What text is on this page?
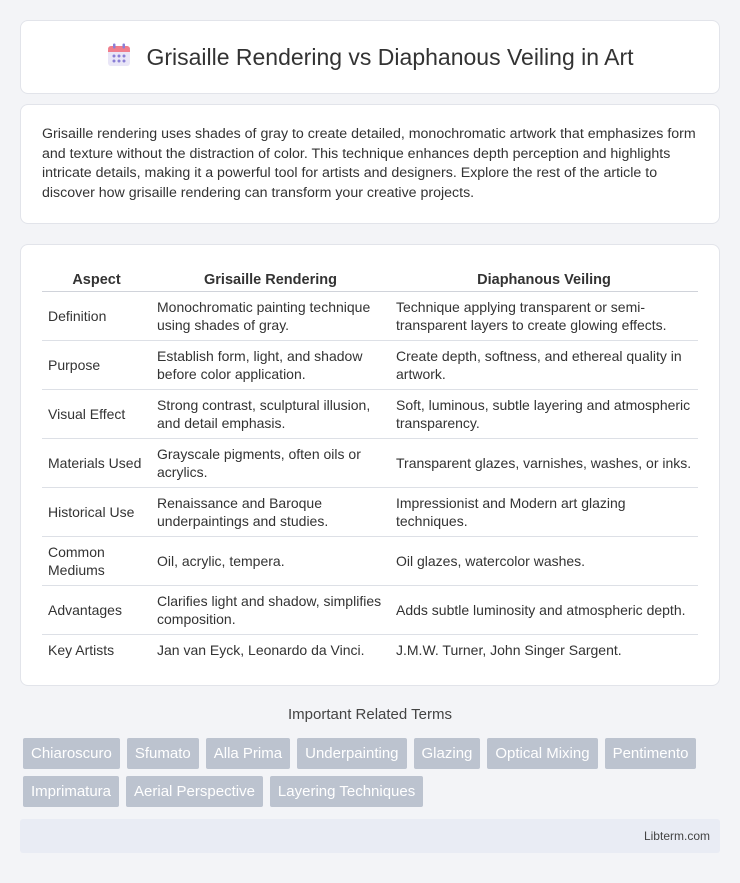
Grisaille Rendering vs Diaphanous Veiling in Art

Grisaille rendering uses shades of gray to create detailed, monochromatic artwork that emphasizes form and texture without the distraction of color. This technique enhances depth perception and highlights intricate details, making it a powerful tool for artists and designers. Explore the rest of the article to discover how grisaille rendering can transform your creative projects.

Aspect	Grisaille Rendering	Diaphanous Veiling
Definition	Monochromatic painting technique using shades of gray.	Technique applying transparent or semi-transparent layers to create glowing effects.
Purpose	Establish form, light, and shadow before color application.	Create depth, softness, and ethereal quality in artwork.
Visual Effect	Strong contrast, sculptural illusion, and detail emphasis.	Soft, luminous, subtle layering and atmospheric transparency.
Materials Used	Grayscale pigments, often oils or acrylics.	Transparent glazes, varnishes, washes, or inks.
Historical Use	Renaissance and Baroque underpaintings and studies.	Impressionist and Modern art glazing techniques.
Common Mediums	Oil, acrylic, tempera.	Oil glazes, watercolor washes.
Advantages	Clarifies light and shadow, simplifies composition.	Adds subtle luminosity and atmospheric depth.
Key Artists	Jan van Eyck, Leonardo da Vinci.	J.M.W. Turner, John Singer Sargent.
Important Related Terms
Chiaroscuro	Sfumato	Alla Prima	Underpainting	Glazing	Optical Mixing	Pentimento
Imprimatura	Aerial Perspective	Layering Techniques
Libterm.com
